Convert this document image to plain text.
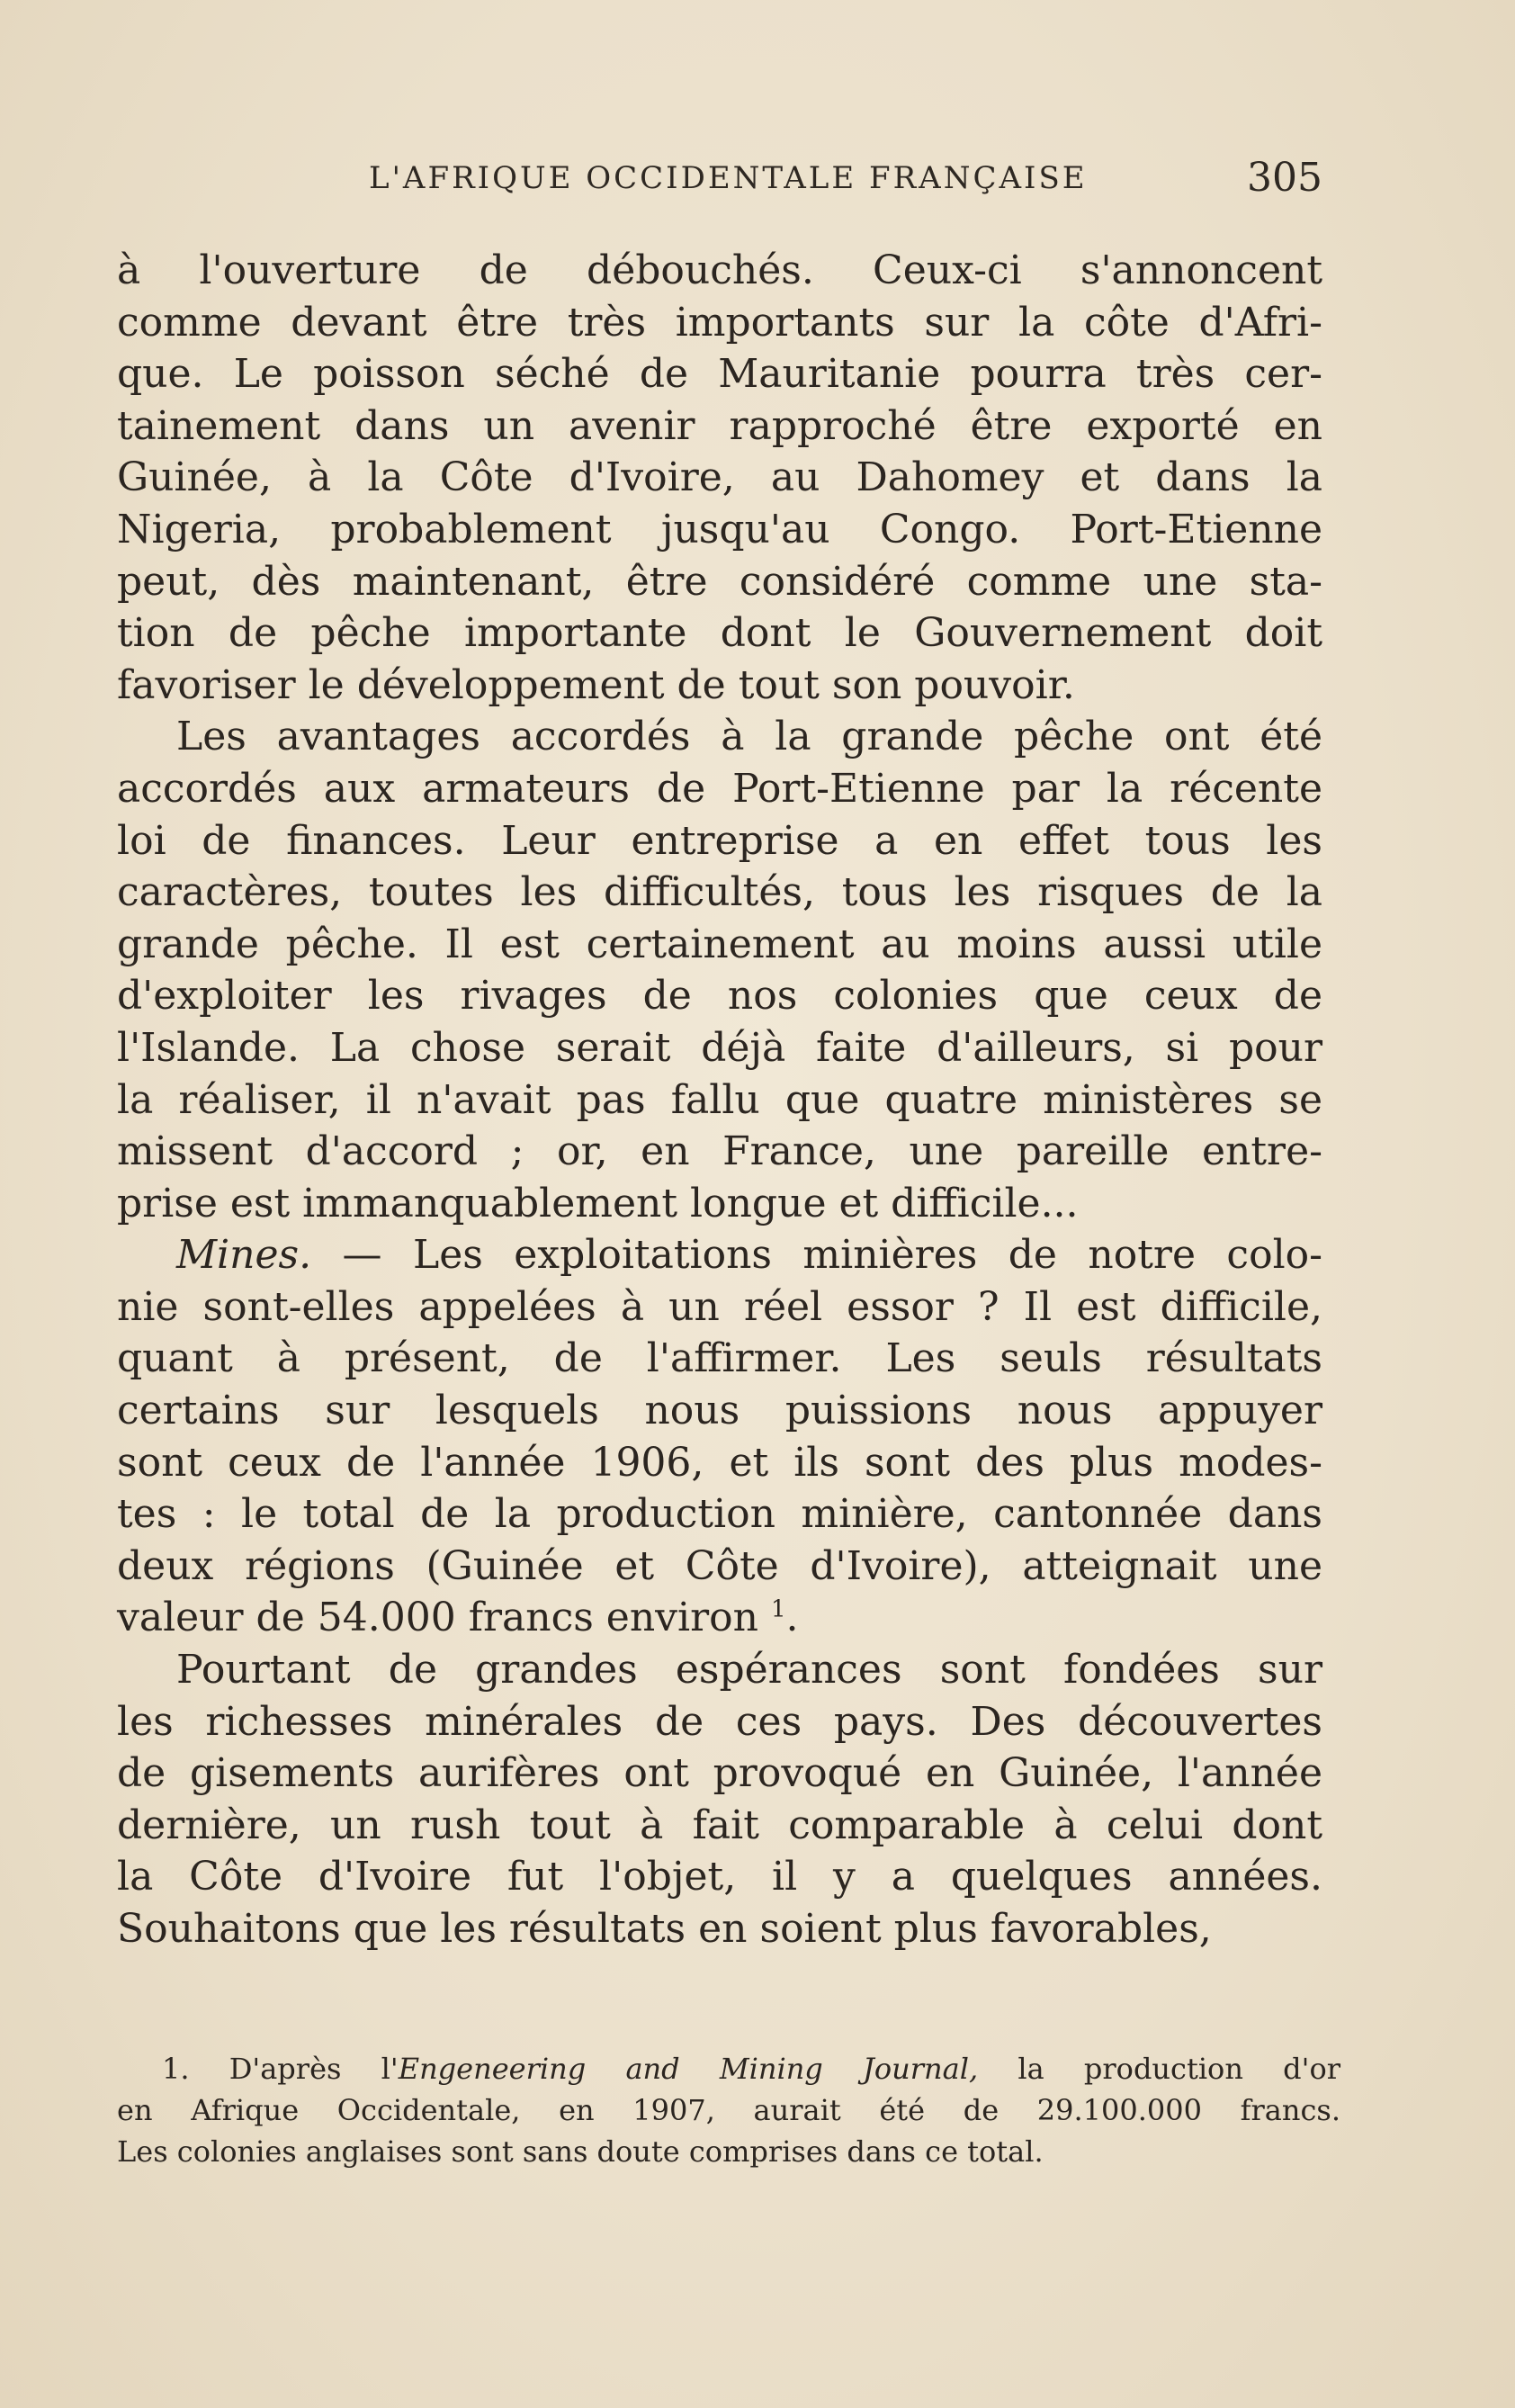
L'AFRIQUE OCCIDENTALE FRANÇAISE	305
à l'ouverture de débouchés. Ceux-ci s'annoncent
comme devant être très importants sur la côte d'Afri-
que. Le poisson séché de Mauritanie pourra très cer-
tainement dans un avenir rapproché être exporté en
Guinée, à la Côte d'Ivoire, au Dahomey et dans la
Nigeria, probablement jusqu'au Congo. Port-Etienne
peut, dès maintenant, être considéré comme une sta-
tion de pêche importante dont le Gouvernement doit
favoriser le développement de tout son pouvoir.
Les avantages accordés à la grande pêche ont été
accordés aux armateurs de Port-Etienne par la récente
loi de finances. Leur entreprise a en effet tous les
caractères, toutes les difficultés, tous les risques de la
grande pêche. Il est certainement au moins aussi utile
d'exploiter les rivages de nos colonies que ceux de
l'Islande. La chose serait déjà faite d'ailleurs, si pour
la réaliser, il n'avait pas fallu que quatre ministères se
missent d'accord ; or, en France, une pareille entre-
prise est immanquablement longue et difficile...
Mines. — Les exploitations minières de notre colo-
nie sont-elles appelées à un réel essor ? Il est difficile,
quant à présent, de l'affirmer. Les seuls résultats
certains sur lesquels nous puissions nous appuyer
sont ceux de l'année 1906, et ils sont des plus modes-
tes : le total de la production minière, cantonnée dans
deux régions (Guinée et Côte d'Ivoire), atteignait une
valeur de 54.000 francs environ $^1$.
Pourtant de grandes espérances sont fondées sur
les richesses minérales de ces pays. Des découvertes
de gisements aurifères ont provoqué en Guinée, l'année
dernière, un rush tout à fait comparable à celui dont
la Côte d'Ivoire fut l'objet, il y a quelques années.
Souhaitons que les résultats en soient plus favorables,
1. D'après l'Engeneering and Mining Journal, la production d'or
en Afrique Occidentale, en 1907, aurait été de 29.100.000 francs.
Les colonies anglaises sont sans doute comprises dans ce total.
